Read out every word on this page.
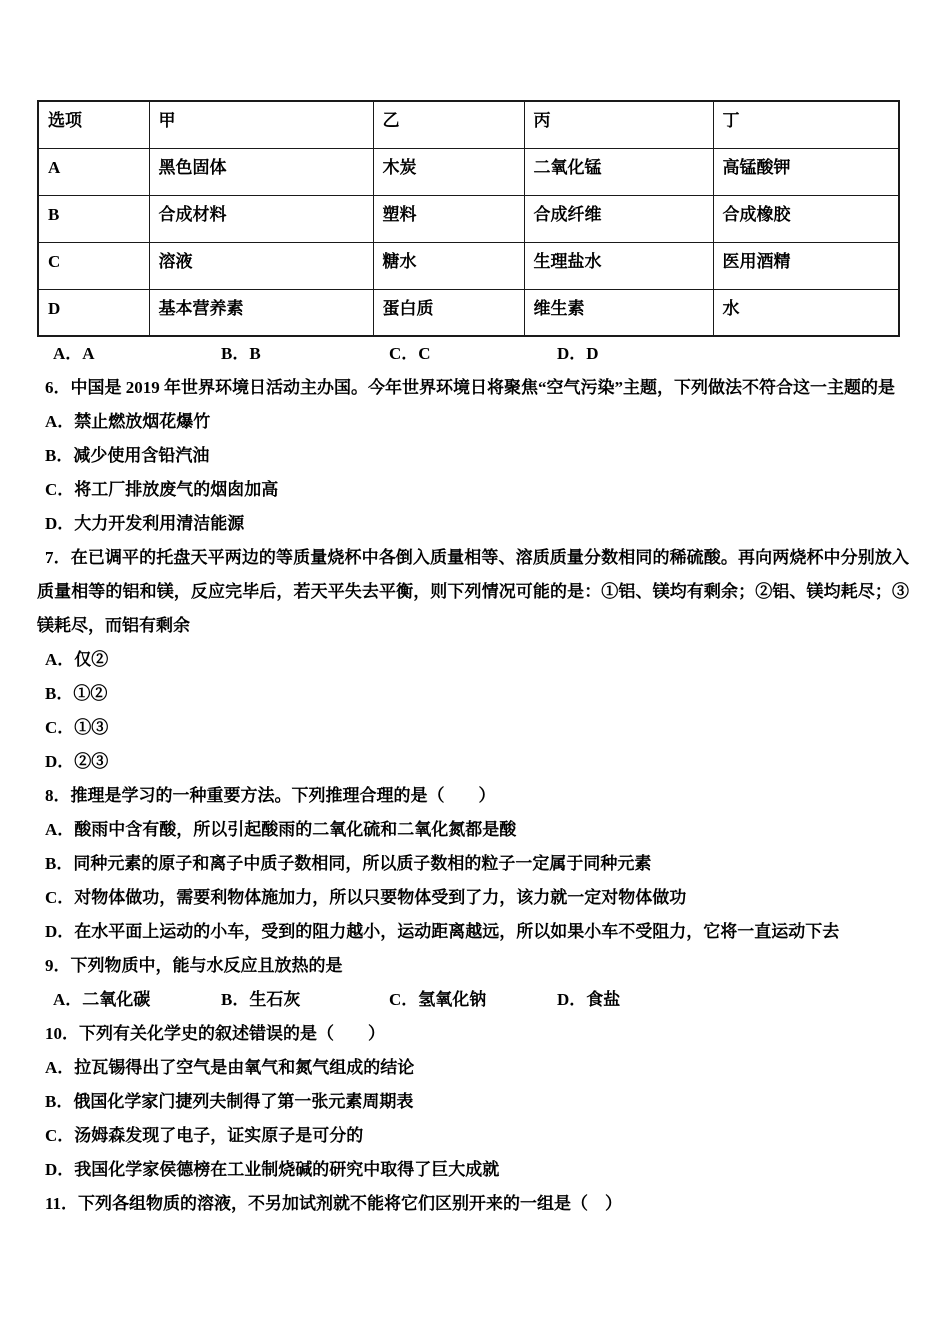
选项	甲	乙	丙	丁
A	黑色固体	木炭	二氧化锰	高锰酸钾
B	合成材料	塑料	合成纤维	合成橡胶
C	溶液	糖水	生理盐水	医用酒精
D	基本营养素	蛋白质	维生素	水

A．A	B．B	C．C	D．D

6．中国是 2019 年世界环境日活动主办国。今年世界环境日将聚焦“空气污染”主题，下列做法不符合这一主题的是

A．禁止燃放烟花爆竹

B．减少使用含铅汽油

C．将工厂排放废气的烟囱加高

D．大力开发利用清洁能源

7．在已调平的托盘天平两边的等质量烧杯中各倒入质量相等、溶质质量分数相同的稀硫酸。再向两烧杯中分别放入质量相等的铝和镁，反应完毕后，若天平失去平衡，则下列情况可能的是：①铝、镁均有剩余；②铝、镁均耗尽；③镁耗尽，而铝有剩余

A．仅②

B．①②

C．①③

D．②③

8．推理是学习的一种重要方法。下列推理合理的是（　　）

A．酸雨中含有酸，所以引起酸雨的二氧化硫和二氧化氮都是酸

B．同种元素的原子和离子中质子数相同，所以质子数相的粒子一定属于同种元素

C．对物体做功，需要利物体施加力，所以只要物体受到了力，该力就一定对物体做功

D．在水平面上运动的小车，受到的阻力越小，运动距离越远，所以如果小车不受阻力，它将一直运动下去

9．下列物质中，能与水反应且放热的是

A．二氧化碳	B．生石灰	C．氢氧化钠	D．食盐

10．下列有关化学史的叙述错误的是（　　）

A．拉瓦锡得出了空气是由氧气和氮气组成的结论

B．俄国化学家门捷列夫制得了第一张元素周期表

C．汤姆森发现了电子，证实原子是可分的

D．我国化学家侯德榜在工业制烧碱的研究中取得了巨大成就

11．下列各组物质的溶液，不另加试剂就不能将它们区别开来的一组是（　）
